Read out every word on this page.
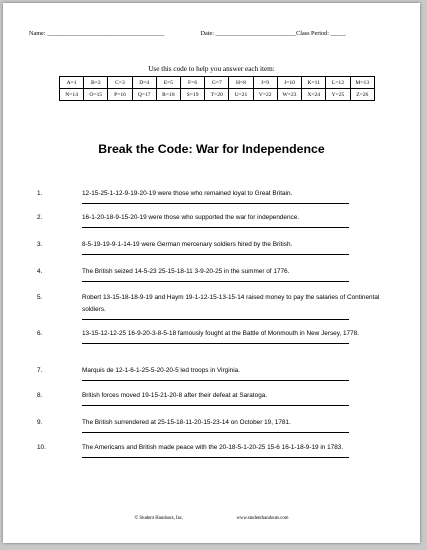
Name: ______________________________________	Date: __________________________ Class Period: _____
Use this code to help you answer each item:
A=1	B=2	C=3	D=4	E=5	F=6	G=7	H=8	I=9	J=10	K=11	L=12	M=13
N=14	O=15	P=16	Q=17	R=18	S=19	T=20	U=21	V=22	W=23	X=24	Y=25	Z=26
Break the Code: War for Independence
1.	12-15-25-1-12-9-19-20-19 were those who remained loyal to Great Britain.
2.	16-1-20-18-9-15-20-19 were those who supported the war for independence.
3.	8-5-19-19-9-1-14-19 were German mercenary soldiers hired by the British.
4.	The British seized 14-5-23 25-15-18-11 3-9-20-25 in the summer of 1776.
5.	Robert 13-15-18-18-9-19 and Haym 19-1-12-15-13-15-14 raised money to pay the salaries of Continental soldiers.
6.	13-15-12-12-25 16-9-20-3-8-5-18 famously fought at the Battle of Monmouth in New Jersey, 1778.
7.	Marquis de 12-1-6-1-25-5-20-20-5 led troops in Virginia.
8.	British forces moved 19-15-21-20-8 after their defeat at Saratoga.
9.	The British surrendered at 25-15-18-11-20-15-23-14 on October 19, 1781.
10.	The Americans and British made peace with the 20-18-5-1-20-25 15-6 16-1-18-9-19 in 1783.
© Student Handouts, Inc.	www.studenthandouts.com
